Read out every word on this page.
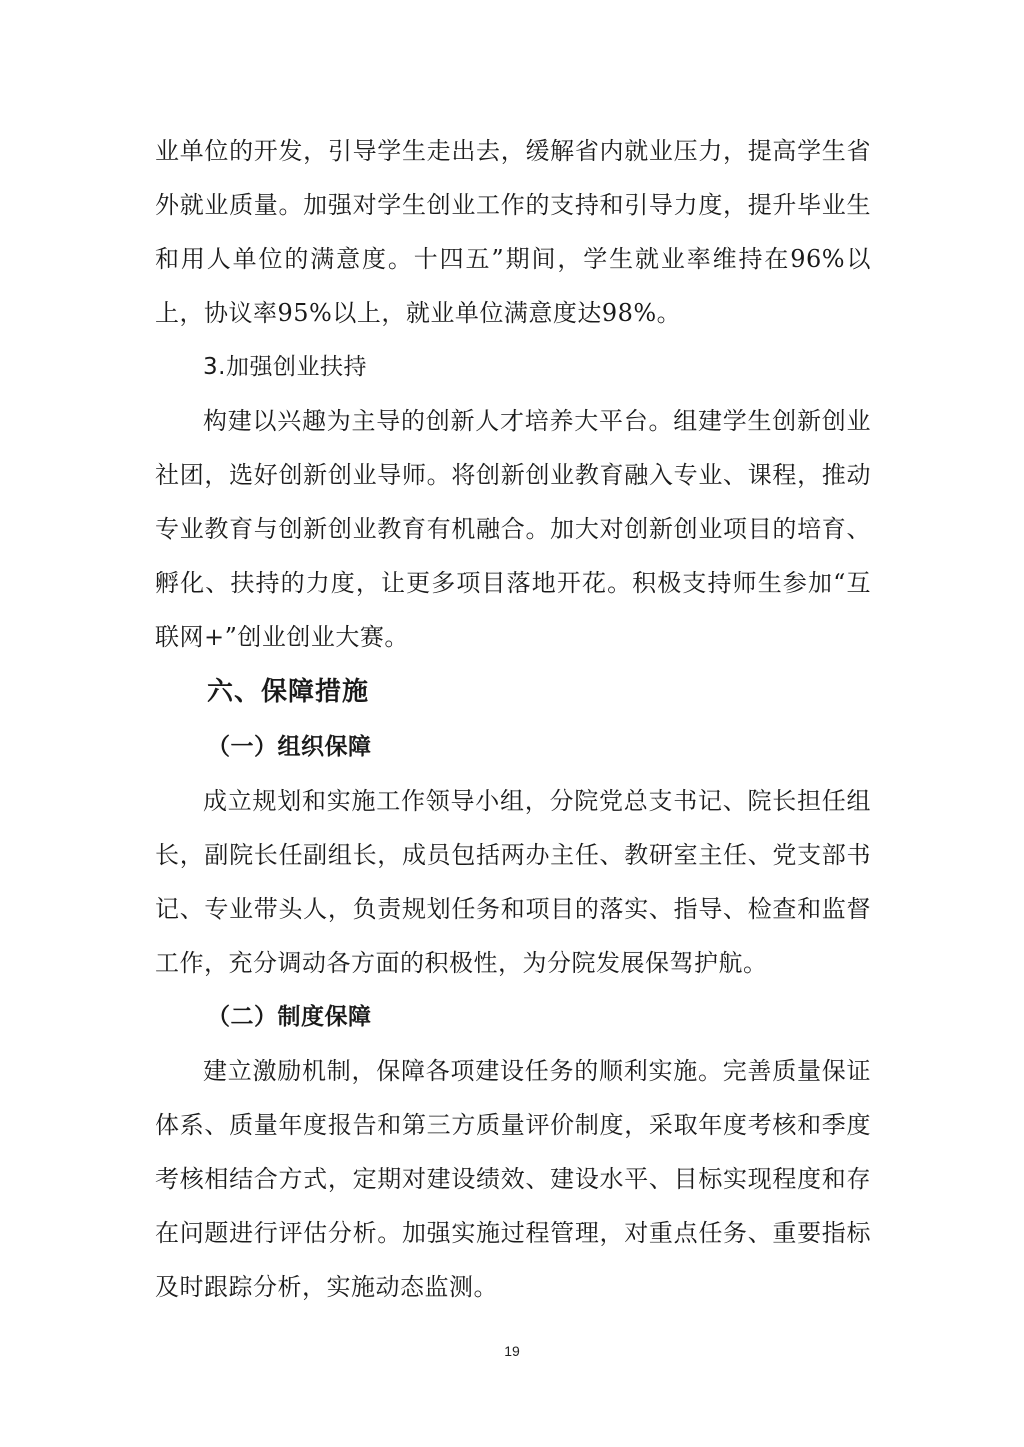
业单位的开发，引导学生走出去，缓解省内就业压力，提高学生省外就业质量。加强对学生创业工作的支持和引导力度，提升毕业生和用人单位的满意度。十四五”期间，学生就业率维持在96%以上，协议率95%以上，就业单位满意度达98%。

3.加强创业扶持

构建以兴趣为主导的创新人才培养大平台。组建学生创新创业社团，选好创新创业导师。将创新创业教育融入专业、课程，推动专业教育与创新创业教育有机融合。加大对创新创业项目的培育、孵化、扶持的力度，让更多项目落地开花。积极支持师生参加“互联网+”创业创业大赛。

六、保障措施
（一）组织保障

成立规划和实施工作领导小组，分院党总支书记、院长担任组长，副院长任副组长，成员包括两办主任、教研室主任、党支部书记、专业带头人，负责规划任务和项目的落实、指导、检查和监督工作，充分调动各方面的积极性，为分院发展保驾护航。

（二）制度保障

建立激励机制，保障各项建设任务的顺利实施。完善质量保证体系、质量年度报告和第三方质量评价制度，采取年度考核和季度考核相结合方式，定期对建设绩效、建设水平、目标实现程度和存在问题进行评估分析。加强实施过程管理，对重点任务、重要指标及时跟踪分析，实施动态监测。

19
